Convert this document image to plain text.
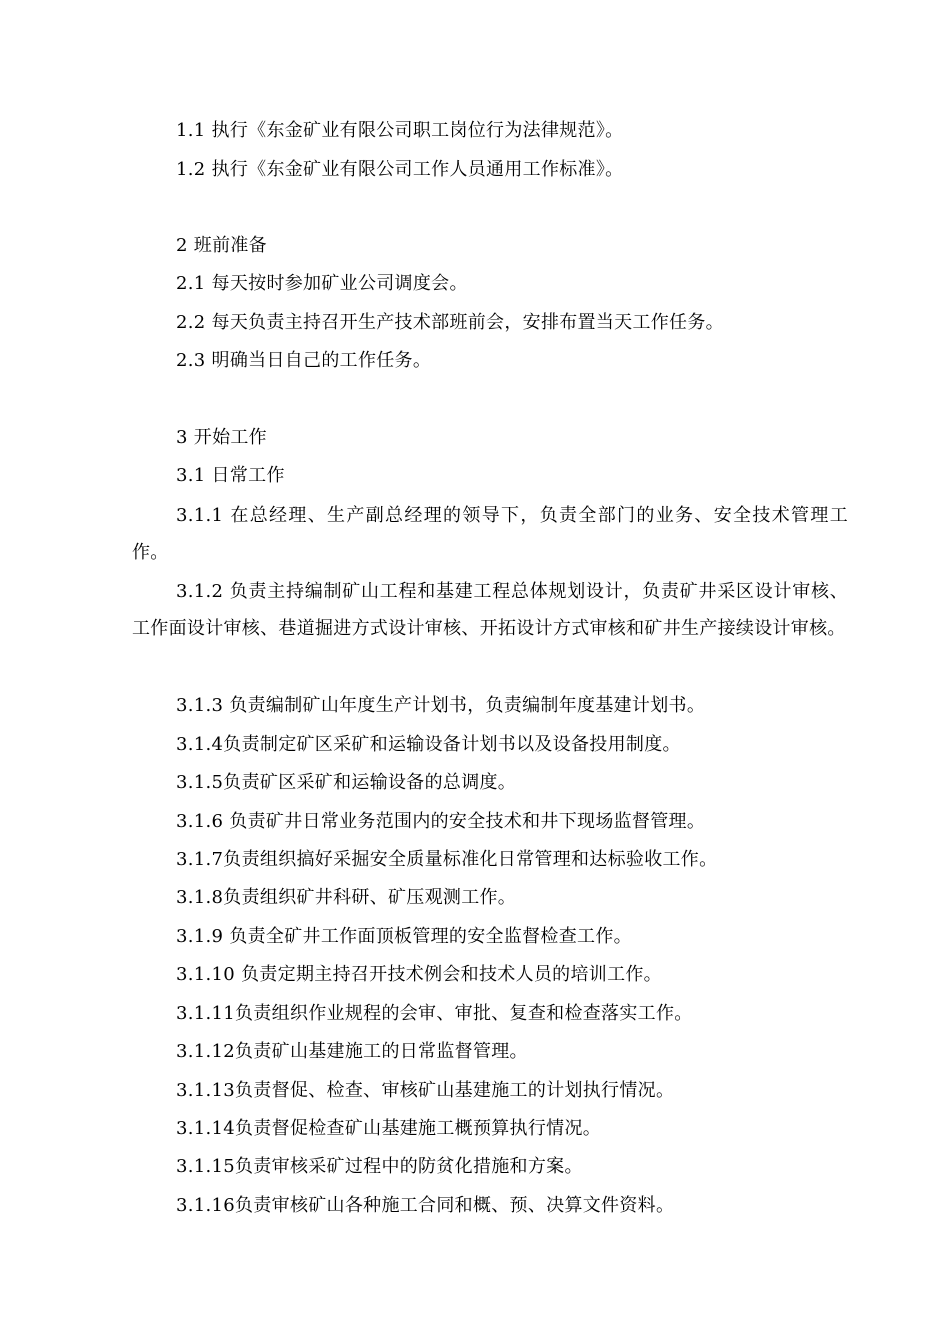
1.1 执行《东金矿业有限公司职工岗位行为法律规范》。
1.2 执行《东金矿业有限公司工作人员通用工作标准》。
2 班前准备
2.1 每天按时参加矿业公司调度会。
2.2 每天负责主持召开生产技术部班前会，安排布置当天工作任务。
2.3 明确当日自己的工作任务。
3 开始工作
3.1 日常工作
3.1.1 在总经理、生产副总经理的领导下，负责全部门的业务、安全技术管理工作。
3.1.2 负责主持编制矿山工程和基建工程总体规划设计，负责矿井采区设计审核、工作面设计审核、巷道掘进方式设计审核、开拓设计方式审核和矿井生产接续设计审核。
3.1.3 负责编制矿山年度生产计划书，负责编制年度基建计划书。
3.1.4负责制定矿区采矿和运输设备计划书以及设备投用制度。
3.1.5负责矿区采矿和运输设备的总调度。
3.1.6 负责矿井日常业务范围内的安全技术和井下现场监督管理。
3.1.7负责组织搞好采掘安全质量标准化日常管理和达标验收工作。
3.1.8负责组织矿井科研、矿压观测工作。
3.1.9 负责全矿井工作面顶板管理的安全监督检查工作。
3.1.10 负责定期主持召开技术例会和技术人员的培训工作。
3.1.11负责组织作业规程的会审、审批、复查和检查落实工作。
3.1.12负责矿山基建施工的日常监督管理。
3.1.13负责督促、检查、审核矿山基建施工的计划执行情况。
3.1.14负责督促检查矿山基建施工概预算执行情况。
3.1.15负责审核采矿过程中的防贫化措施和方案。
3.1.16负责审核矿山各种施工合同和概、预、决算文件资料。
